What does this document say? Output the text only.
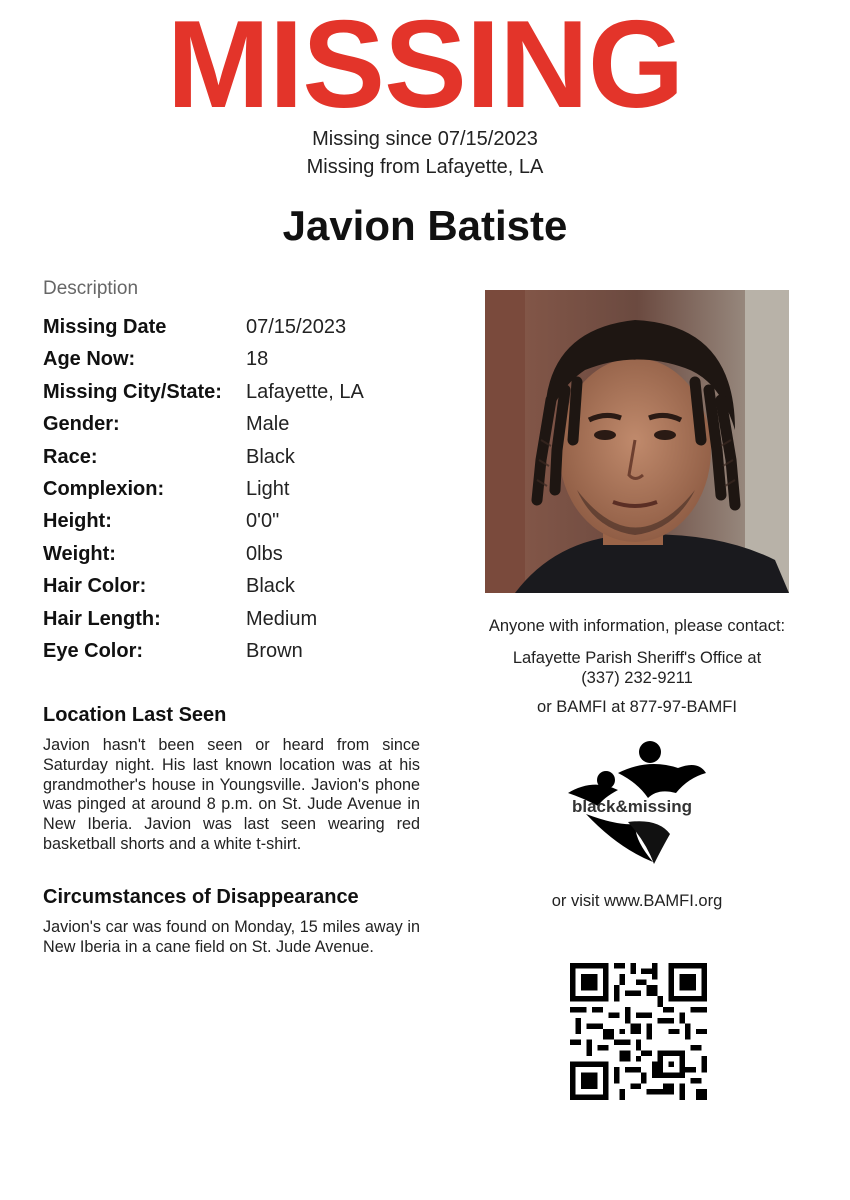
MISSING
Missing since 07/15/2023
Missing from Lafayette, LA
Javion Batiste
Description
Missing Date	07/15/2023
Age Now:	18
Missing City/State: Lafayette, LA
Gender:	Male
Race:	Black
Complexion:	Light
Height:	0'0"
Weight:	0lbs
Hair Color:	Black
Hair Length:	Medium
Eye Color:	Brown
Location Last Seen
Javion hasn't been seen or heard from since Saturday night. His last known location was at his grandmother's house in Youngsville. Javion's phone was pinged at around 8 p.m. on St. Jude Avenue in New Iberia. Javion was last seen wearing red basketball shorts and a white t-shirt.
Circumstances of Disappearance
Javion's car was found on Monday, 15 miles away in New Iberia in a cane field on St. Jude Avenue.
Anyone with information, please contact:
Lafayette Parish Sheriff's Office at
(337) 232-9211
or BAMFI at 877-97-BAMFI
black&missing
or visit www.BAMFI.org
